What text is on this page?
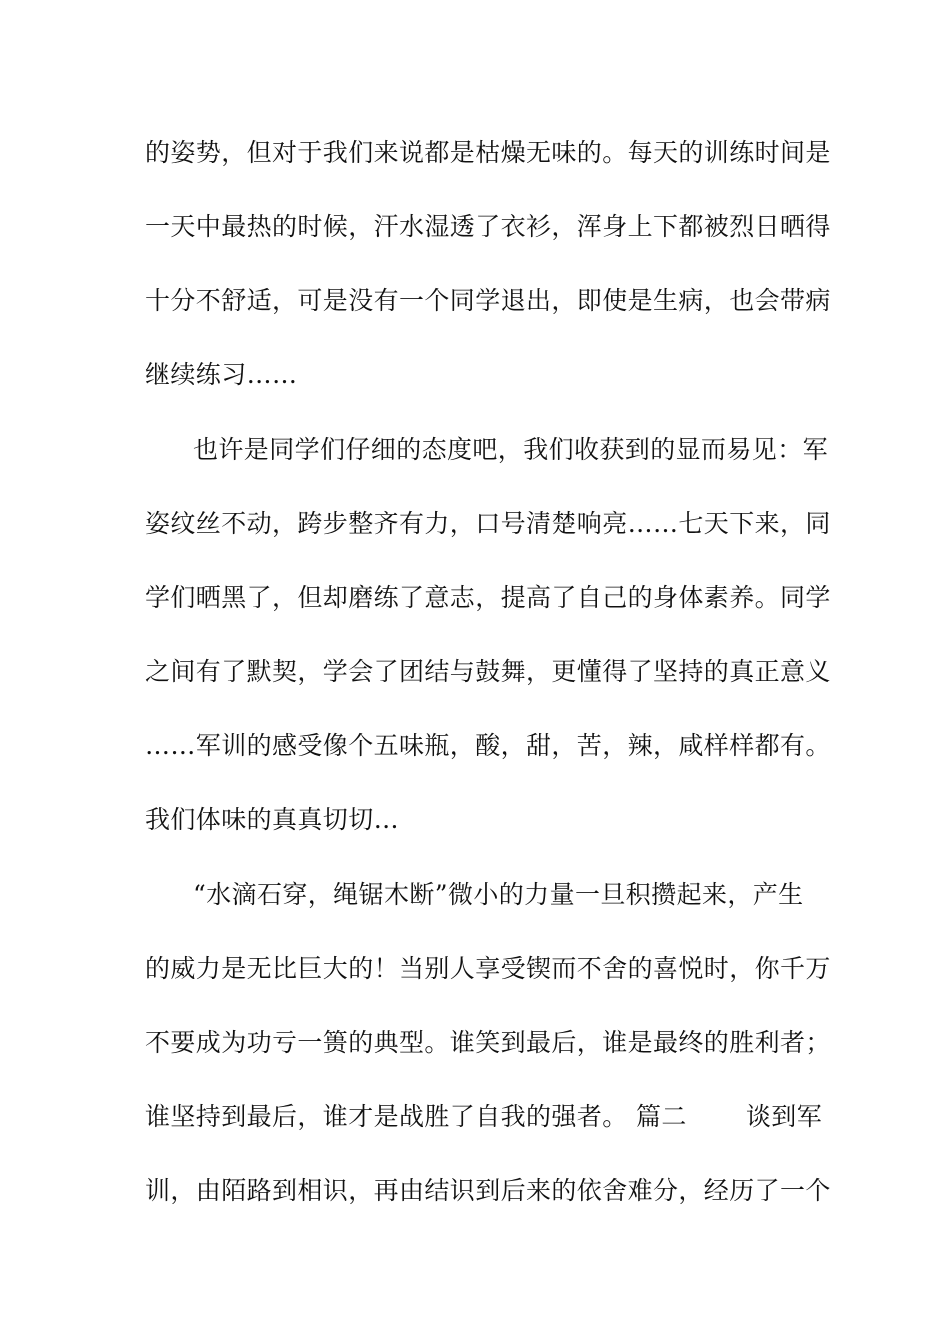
的姿势，但对于我们来说都是枯燥无味的。每天的训练时间是
一天中最热的时候，汗水湿透了衣衫，浑身上下都被烈日晒得
十分不舒适，可是没有一个同学退出，即使是生病，也会带病
继续练习……
也许是同学们仔细的态度吧，我们收获到的显而易见：军
姿纹丝不动，跨步整齐有力，口号清楚响亮……七天下来，同
学们晒黑了，但却磨练了意志，提高了自己的身体素养。同学
之间有了默契，学会了团结与鼓舞，更懂得了坚持的真正意义
……军训的感受像个五味瓶，酸，甜，苦，辣，咸样样都有。
我们体味的真真切切…
“水滴石穿，绳锯木断”微小的力量一旦积攒起来，产生
的威力是无比巨大的！当别人享受锲而不舍的喜悦时，你千万
不要成为功亏一篑的典型。谁笑到最后，谁是最终的胜利者；
谁坚持到最后，谁才是战胜了自我的强者。 篇二　　 谈到军
训，由陌路到相识，再由结识到后来的依舍难分，经历了一个
